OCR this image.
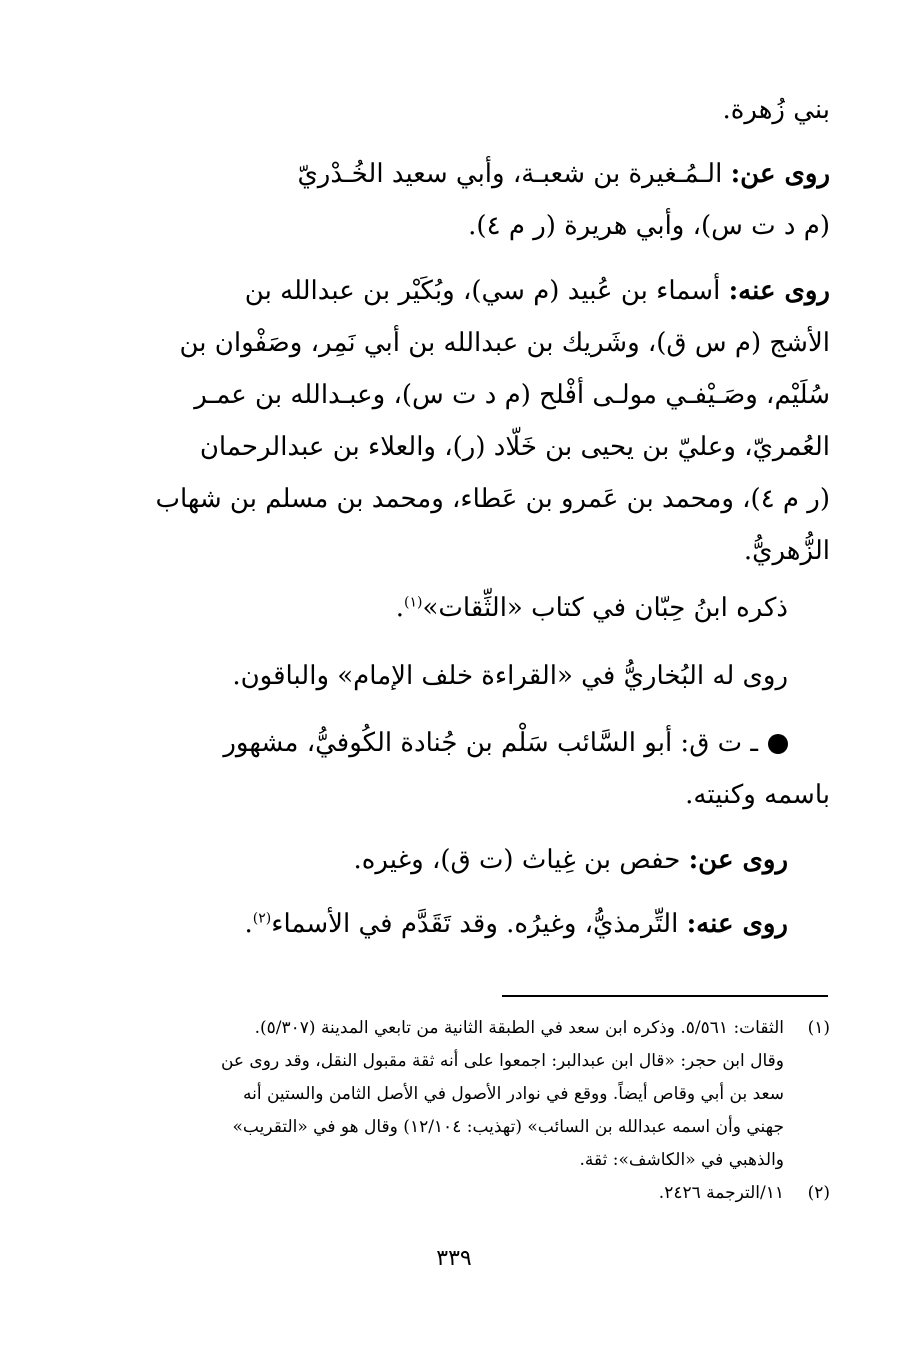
بني زُهرة.
روى عن: الـمُـغيرة بن شعبـة، وأبي سعيد الخُـدْريّ
(م د ت س)، وأبي هريرة (ر م ٤).
روى عنه: أسماء بن عُبيد (م سي)، وبُكَيْر بن عبدالله بن
الأشج (م س ق)، وشَريك بن عبدالله بن أبي نَمِر، وصَفْوان بن
سُلَيْم، وصَـيْفـي مولـى أفْلح (م د ت س)، وعبـدالله بن عمـر
العُمريّ، وعليّ بن يحيى بن خَلّاد (ر)، والعلاء بن عبدالرحمان
(ر م ٤)، ومحمد بن عَمرو بن عَطاء، ومحمد بن مسلم بن شهاب
الزُّهريُّ.
ذكره ابنُ حِبّان في كتاب «الثِّقات»$^{(١)}$.
روى له البُخاريُّ في «القراءة خلف الإمام» والباقون.
ـ ت ق: أبو السَّائب سَلْم بن جُنادة الكُوفيُّ، مشهور
باسمه وكنيته.
روى عن: حفص بن غِياث (ت ق)، وغيره.
روى عنه: التِّرمذيُّ، وغيرُه. وقد تَقَدَّم في الأسماء$^{(٢)}$.
(١)
الثقات: ٥/٥٦١. وذكره ابن سعد في الطبقة الثانية من تابعي المدينة (٥/٣٠٧).
وقال ابن حجر: «قال ابن عبدالبر: اجمعوا على أنه ثقة مقبول النقل، وقد روى عن
سعد بن أبي وقاص أيضاً. ووقع في نوادر الأصول في الأصل الثامن والستين أنه
جهني وأن اسمه عبدالله بن السائب» (تهذيب: ١٢/١٠٤) وقال هو في «التقريب»
والذهبي في «الكاشف»: ثقة.
(٢)
١١/الترجمة ٢٤٢٦.
٣٣٩
